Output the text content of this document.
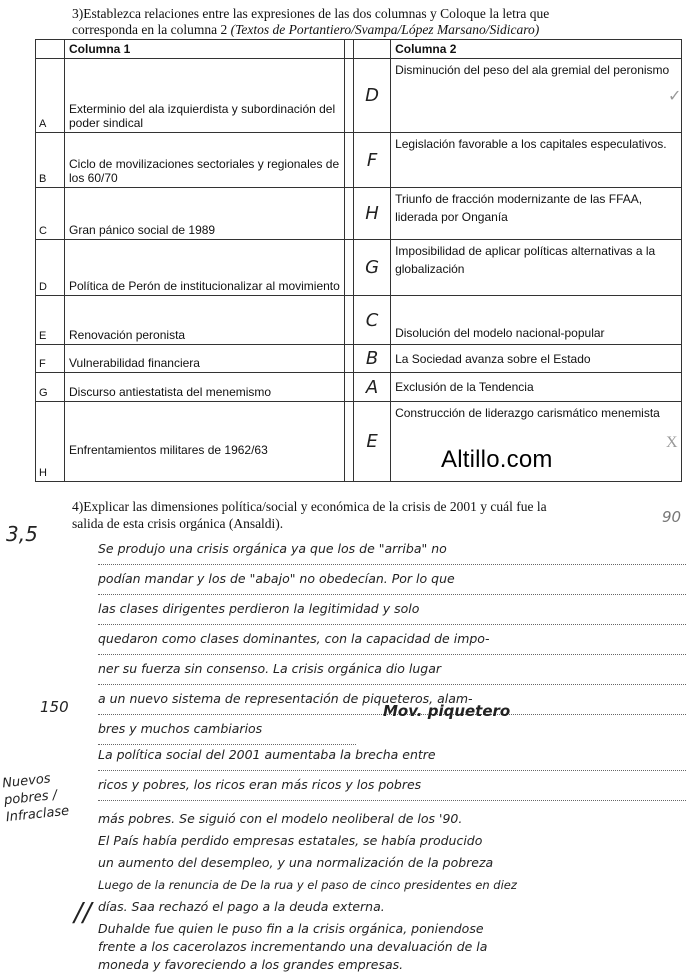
3)Establezca relaciones entre las expresiones de las dos columnas y Coloque la letra que
corresponda en la columna 2 (Textos de Portantiero/Svampa/López Marsano/Sidicaro)
	Columna 1			Columna 2
A	Exterminio del ala izquierdista y subordinación del poder sindical		D	Disminución del peso del ala gremial del peronismo

B	Ciclo de movilizaciones sectoriales y regionales de los 60/70		F	Legislación favorable a los capitales especulativos.

C	Gran pánico social de 1989		H	Triunfo de fracción modernizante de las FFAA, liderada por Onganía

D	Política de Perón de institucionalizar al movimiento		G	Imposibilidad de aplicar políticas alternativas a la globalización

E	Renovación peronista		C	Disolución del modelo nacional-popular

F	Vulnerabilidad financiera		B	La Sociedad avanza sobre el Estado

G	Discurso antiestatista del menemismo		A	Exclusión de la Tendencia

H	Enfrentamientos militares de 1962/63		E	Construcción de liderazgo carismático menemista
✓
X
Altillo.com
4)Explicar las dimensiones política/social y económica de la crisis de 2001 y cuál fue la
salida de esta crisis orgánica (Ansaldi).
3,5
90
Se produjo una crisis orgánica ya que los de "arriba" no
podían mandar y los de "abajo" no obedecían. Por lo que
las clases dirigentes perdieron la legitimidad y solo
quedaron como clases dominantes, con la capacidad de impo-
ner su fuerza sin consenso. La crisis orgánica dio lugar
a un nuevo sistema de representación de piqueteros, alam-
bres y muchos cambiarios
La política social del 2001 aumentaba la brecha entre
ricos y pobres, los ricos eran más ricos y los pobres
más pobres. Se siguió con el modelo neoliberal de los '90.
El País había perdido empresas estatales, se había producido
un aumento del desempleo, y una normalización de la pobreza
Luego de la renuncia de De la rua y el paso de cinco presidentes en diez
días. Saa rechazó el pago a la deuda externa.
Duhalde fue quien le puso fin a la crisis orgánica, poniendose
frente a los cacerolazos incrementando una devaluación de la
moneda y favoreciendo a los grandes empresas.
Mov. piquetero
150
Nuevos
pobres /
Infraclase
//
